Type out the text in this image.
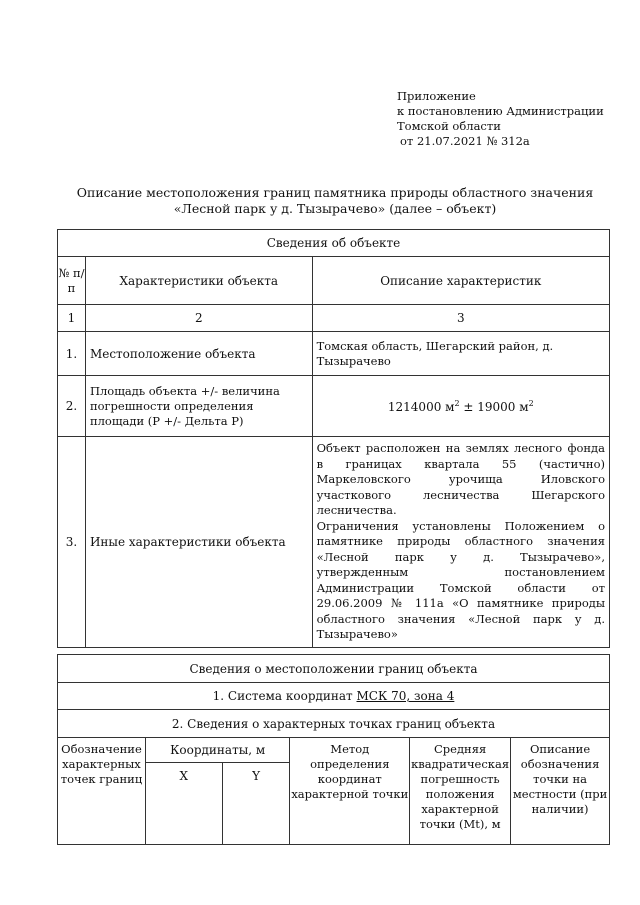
Приложение
к постановлению Администрации
Томской области
от 21.07.2021 № 312а
Описание местоположения границ памятника природы областного значения
«Лесной парк у д. Тызырачево» (далее – объект)
Сведения об объекте		
№ п/п	Характеристики объекта	Описание характеристик
1	2	3
1.	Местоположение объекта	Томская область, Шегарский район, д. Тызырачево
2.	Площадь объекта +/- величина погрешности определения площади (Р +/- Дельта Р)	1214000 $м^2 \pm 19000$ $м^2$
3.	Иные характеристики объекта	Объект расположен на землях лесного фонда в границах квартала 55 (частично) Маркеловского урочища Иловского участкового лесничества Шегарского лесничества.
Ограничения установлены Положением о памятнике природы областного значения «Лесной парк у д. Тызырачево», утвержденным постановлением Администрации Томской области от 29.06.2009 № 111а «О памятнике природы областного значения «Лесной парк у д. Тызырачево»
Сведения о местоположении границ объекта					
1. Система координат МСК 70, зона 4					
2. Сведения о характерных точках границ объекта					
Обозначение характерных точек границ	Координаты, м		Метод определения координат характерной точки	Средняя квадратическая погрешность положения характерной точки (Mt), м	Описание обозначения точки на местности (при наличии)
	X	Y			
